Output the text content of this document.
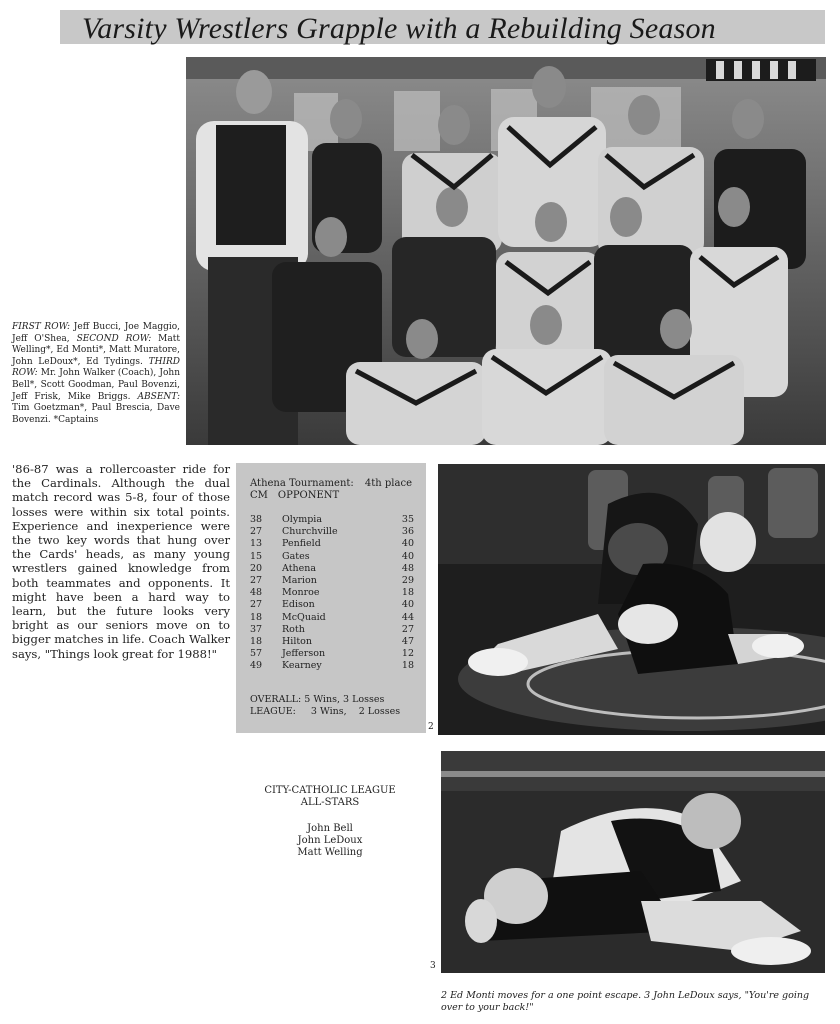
Varsity Wrestlers Grapple with a Rebuilding Season
FIRST ROW: Jeff Bucci, Joe Maggio, Jeff O'Shea, SECOND ROW: Matt Welling*, Ed Monti*, Matt Muratore, John LeDoux*, Ed Tydings. THIRD ROW: Mr. John Walker (Coach), John Bell*, Scott Goodman, Paul Bovenzi, Jeff Frisk, Mike Briggs. ABSENT: Tim Goetzman*, Paul Brescia, Dave Bovenzi. *Captains
'86-87 was a rollercoaster ride for the Cardinals. Although the dual match record was 5-8, four of those losses were within six total points. Experience and inexperience were the two key words that hung over the Cards' heads, as many young wrestlers gained knowledge from both teammates and opponents. It might have been a hard way to learn, but the future looks very bright as our seniors move on to bigger matches in life. Coach Walker says, "Things look great for 1988!"
Athena Tournament: 4th place
CM OPPONENT
38 Olympia	35
27 Churchville	36
13 Penfield	40
15 Gates	40
20 Athena	48
27 Marion	29
48 Monroe	18
27 Edison	40
18 McQuaid	44
37 Roth	27
18 Hilton	47
57 Jefferson	12
49 Kearney	18
OVERALL: 5 Wins, 3 Losses
LEAGUE:     3 Wins,    2 Losses
2
CITY-CATHOLIC LEAGUE
ALL-STARS
John Bell
John LeDoux
Matt Welling
3
2 Ed Monti moves for a one point escape. 3 John LeDoux says, "You're going over to your back!"
